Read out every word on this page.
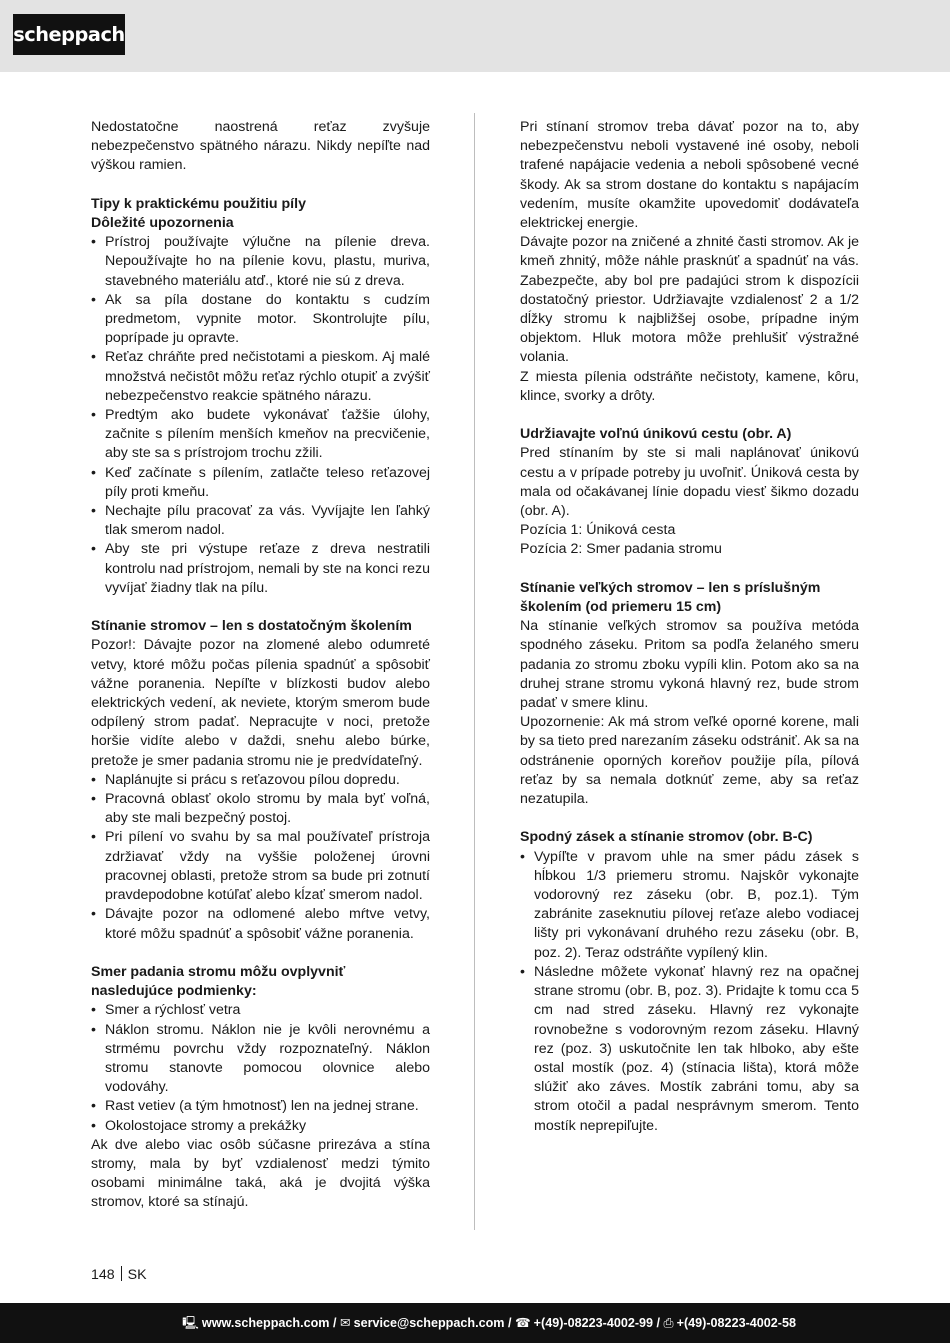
scheppach

Nedostatočne naostrená reťaz zvyšuje nebezpečenstvo spätného nárazu. Nikdy nepíľte nad výškou ramien.

Tipy k praktickému použitiu píly

Dôležité upozornenia

• Prístroj používajte výlučne na pílenie dreva. Nepoužívajte ho na pílenie kovu, plastu, muriva, stavebného materiálu atď., ktoré nie sú z dreva.
• Ak sa píla dostane do kontaktu s cudzím predmetom, vypnite motor. Skontrolujte pílu, poprípade ju opravte.
• Reťaz chráňte pred nečistotami a pieskom. Aj malé množstvá nečistôt môžu reťaz rýchlo otupiť a zvýšiť nebezpečenstvo reakcie spätného nárazu.
• Predtým ako budete vykonávať ťažšie úlohy, začnite s pílením menších kmeňov na precvičenie, aby ste sa s prístrojom trochu zžili.
• Keď začínate s pílením, zatlačte teleso reťazovej píly proti kmeňu.
• Nechajte pílu pracovať za vás. Vyvíjajte len ľahký tlak smerom nadol.
• Aby ste pri výstupe reťaze z dreva nestratili kontrolu nad prístrojom, nemali by ste na konci rezu vyvíjať žiadny tlak na pílu.

Stínanie stromov – len s dostatočným školením

Pozor!: Dávajte pozor na zlomené alebo odumreté vetvy, ktoré môžu počas pílenia spadnúť a spôsobiť vážne poranenia. Nepíľte v blízkosti budov alebo elektrických vedení, ak neviete, ktorým smerom bude odpílený strom padať. Nepracujte v noci, pretože horšie vidíte alebo v daždi, snehu alebo búrke, pretože je smer padania stromu nie je predvídateľný.

• Naplánujte si prácu s reťazovou pílou dopredu.
• Pracovná oblasť okolo stromu by mala byť voľná, aby ste mali bezpečný postoj.
• Pri pílení vo svahu by sa mal používateľ prístroja zdržiavať vždy na vyššie položenej úrovni pracovnej oblasti, pretože strom sa bude pri zotnutí pravdepodobne kotúľať alebo kĺzať smerom nadol.
• Dávajte pozor na odlomené alebo mŕtve vetvy, ktoré môžu spadnúť a spôsobiť vážne poranenia.

Smer padania stromu môžu ovplyvniť nasledujúce podmienky:

• Smer a rýchlosť vetra
• Náklon stromu. Náklon nie je kvôli nerovnému a strmému povrchu vždy rozpoznateľný. Náklon stromu stanovte pomocou olovnice alebo vodováhy.
• Rast vetiev (a tým hmotnosť) len na jednej strane.
• Okolostojace stromy a prekážky

Ak dve alebo viac osôb súčasne prirezáva a stína stromy, mala by byť vzdialenosť medzi týmito osobami minimálne taká, aká je dvojitá výška stromov, ktoré sa stínajú.

Pri stínaní stromov treba dávať pozor na to, aby nebezpečenstvu neboli vystavené iné osoby, neboli trafené napájacie vedenia a neboli spôsobené vecné škody. Ak sa strom dostane do kontaktu s napájacím vedením, musíte okamžite upovedomiť dodávateľa elektrickej energie.

Dávajte pozor na zničené a zhnité časti stromov. Ak je kmeň zhnitý, môže náhle prasknúť a spadnúť na vás. Zabezpečte, aby bol pre padajúci strom k dispozícii dostatočný priestor. Udržiavajte vzdialenosť 2 a 1/2 dĺžky stromu k najbližšej osobe, prípadne iným objektom. Hluk motora môže prehlušiť výstražné volania.

Z miesta pílenia odstráňte nečistoty, kamene, kôru, klince, svorky a drôty.

Udržiavajte voľnú únikovú cestu (obr. A)

Pred stínaním by ste si mali naplánovať únikovú cestu a v prípade potreby ju uvoľniť. Úniková cesta by mala od očakávanej línie dopadu viesť šikmo dozadu (obr. A).

Pozícia 1: Úniková cesta

Pozícia 2: Smer padania stromu

Stínanie veľkých stromov – len s príslušným školením (od priemeru 15 cm)

Na stínanie veľkých stromov sa používa metóda spodného záseku. Pritom sa podľa želaného smeru padania zo stromu zboku vypíli klin. Potom ako sa na druhej strane stromu vykoná hlavný rez, bude strom padať v smere klinu.

Upozornenie: Ak má strom veľké oporné korene, mali by sa tieto pred narezaním záseku odstrániť. Ak sa na odstránenie oporných koreňov použije píla, pílová reťaz by sa nemala dotknúť zeme, aby sa reťaz nezatupila.

Spodný zásek a stínanie stromov (obr. B-C)

• Vypíľte v pravom uhle na smer pádu zásek s hĺbkou 1/3 priemeru stromu. Najskôr vykonajte vodorovný rez záseku (obr. B, poz.1). Tým zabránite zaseknutiu pílovej reťaze alebo vodiacej lišty pri vykonávaní druhého rezu záseku (obr. B, poz. 2). Teraz odstráňte vypílený klin.
• Následne môžete vykonať hlavný rez na opačnej strane stromu (obr. B, poz. 3). Pridajte k tomu cca 5 cm nad stred záseku. Hlavný rez vykonajte rovnobežne s vodorovným rezom záseku. Hlavný rez (poz. 3) uskutočnite len tak hlboko, aby ešte ostal mostík (poz. 4) (stínacia lišta), ktorá môže slúžiť ako záves. Mostík zabráni tomu, aby sa strom otočil a padal nesprávnym smerom. Tento mostík neprepiľujte.
148 SK
🖳 www.scheppach.com / ✉ service@scheppach.com / ☎ +(49)-08223-4002-99 / ⎙ +(49)-08223-4002-58
